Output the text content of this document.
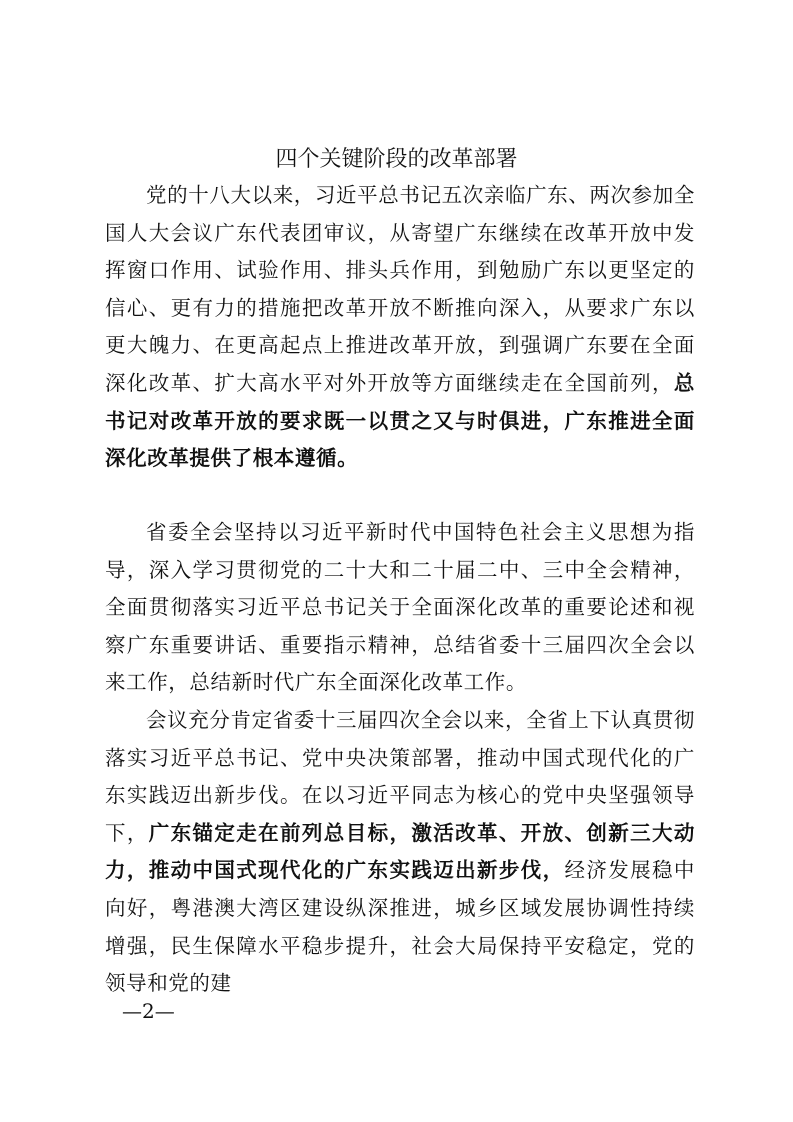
四个关键阶段的改革部署

党的十八大以来，习近平总书记五次亲临广东、两次参加全国人大会议广东代表团审议，从寄望广东继续在改革开放中发挥窗口作用、试验作用、排头兵作用，到勉励广东以更坚定的信心、更有力的措施把改革开放不断推向深入，从要求广东以更大魄力、在更高起点上推进改革开放，到强调广东要在全面深化改革、扩大高水平对外开放等方面继续走在全国前列，总书记对改革开放的要求既一以贯之又与时俱进，广东推进全面深化改革提供了根本遵循。

省委全会坚持以习近平新时代中国特色社会主义思想为指导，深入学习贯彻党的二十大和二十届二中、三中全会精神，全面贯彻落实习近平总书记关于全面深化改革的重要论述和视察广东重要讲话、重要指示精神，总结省委十三届四次全会以来工作，总结新时代广东全面深化改革工作。

会议充分肯定省委十三届四次全会以来，全省上下认真贯彻落实习近平总书记、党中央决策部署，推动中国式现代化的广东实践迈出新步伐。在以习近平同志为核心的党中央坚强领导下，广东锚定走在前列总目标，激活改革、开放、创新三大动力，推动中国式现代化的广东实践迈出新步伐，经济发展稳中向好，粤港澳大湾区建设纵深推进，城乡区域发展协调性持续增强，民生保障水平稳步提升，社会大局保持平安稳定，党的领导和党的建

—2—
